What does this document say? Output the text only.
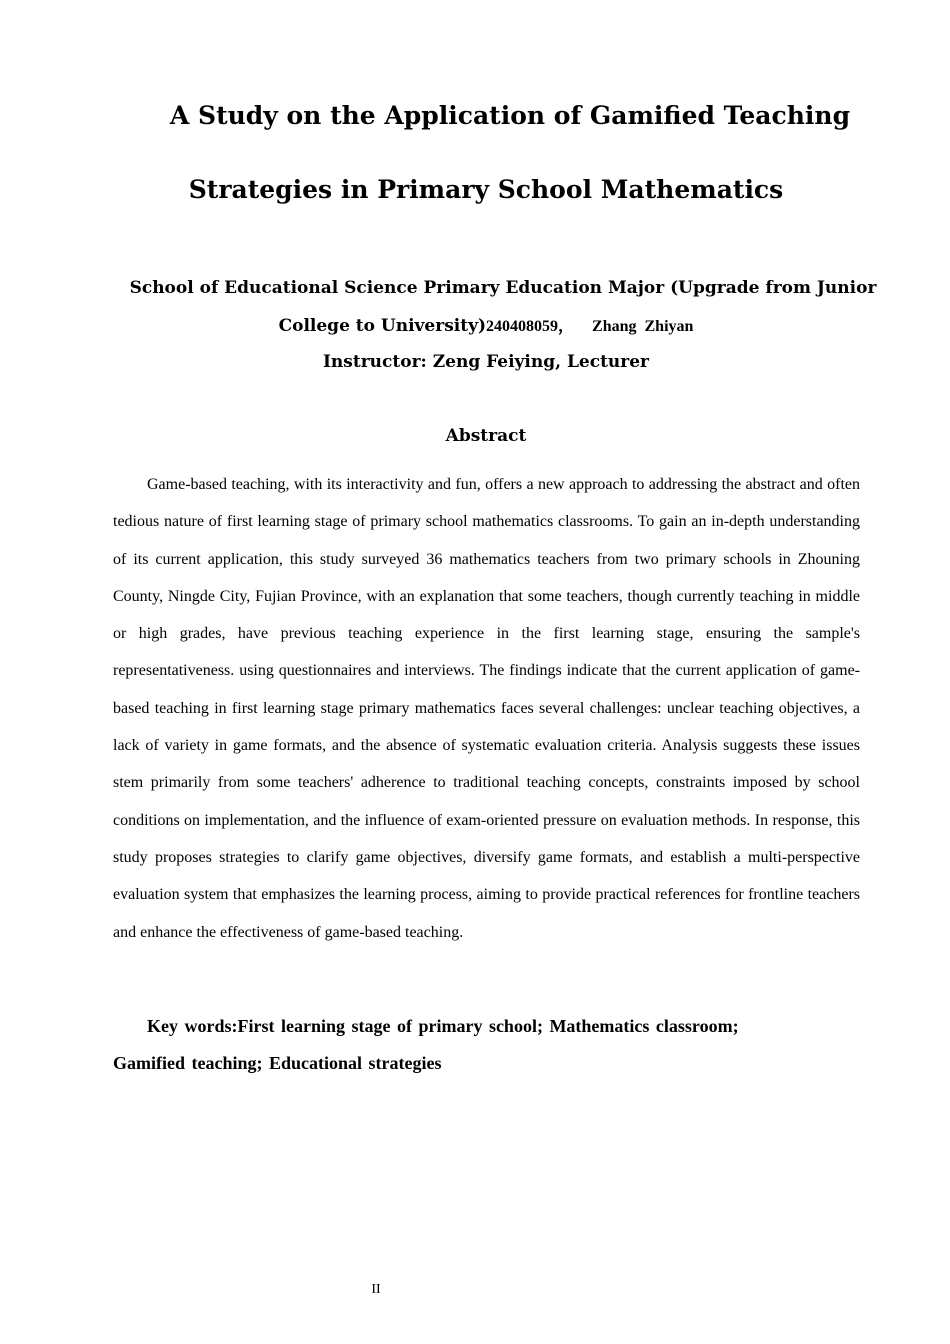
A Study on the Application of Gamified Teaching
Strategies in Primary School Mathematics
School of Educational Science Primary Education Major (Upgrade from Junior
College to University)240408059， Zhang Zhiyan
Instructor: Zeng Feiying, Lecturer
Abstract

Game-based teaching, with its interactivity and fun, offers a new approach to addressing the abstract and often tedious nature of first learning stage of primary school mathematics classrooms. To gain an in-depth understanding of its current application, this study surveyed 36 mathematics teachers from two primary schools in Zhouning County, Ningde City, Fujian Province, with an explanation that some teachers, though currently teaching in middle or high grades, have previous teaching experience in the first learning stage, ensuring the sample's representativeness. using questionnaires and interviews. The findings indicate that the current application of game-based teaching in first learning stage primary mathematics faces several challenges: unclear teaching objectives, a lack of variety in game formats, and the absence of systematic evaluation criteria. Analysis suggests these issues stem primarily from some teachers' adherence to traditional teaching concepts, constraints imposed by school conditions on implementation, and the influence of exam-oriented pressure on evaluation methods. In response, this study proposes strategies to clarify game objectives, diversify game formats, and establish a multi-perspective evaluation system that emphasizes the learning process, aiming to provide practical references for frontline teachers and enhance the effectiveness of game-based teaching.

Key words:First learning stage of primary school; Mathematics classroom; Gamified teaching; Educational strategies

II
